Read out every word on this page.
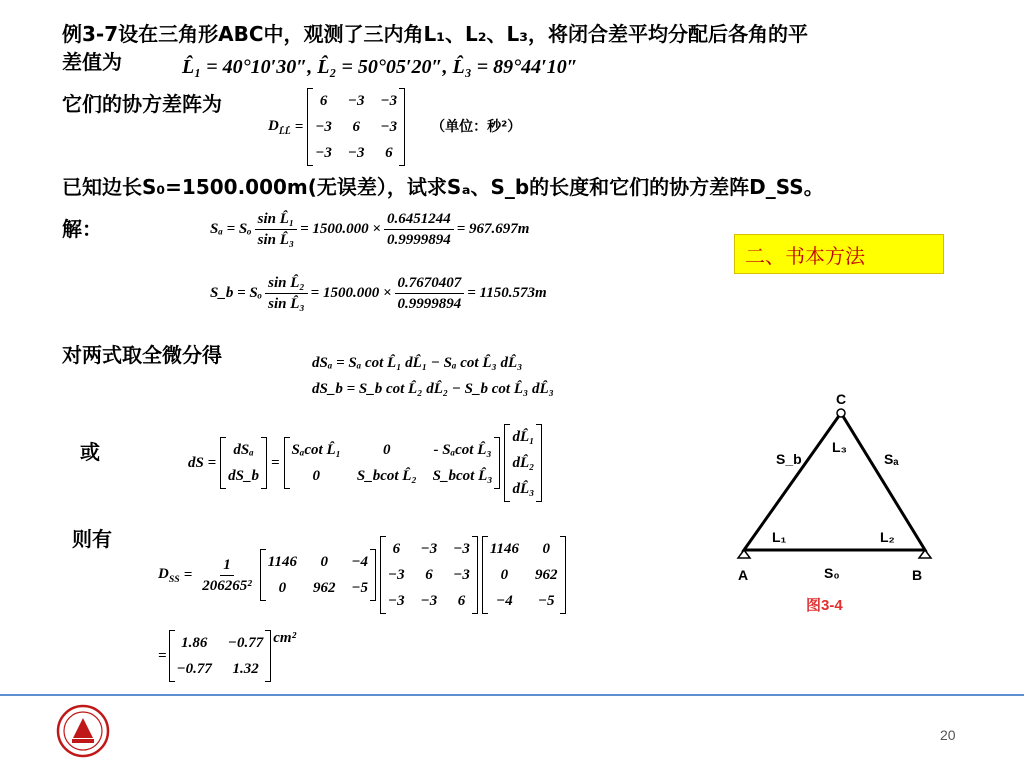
例3-7设在三角形ABC中，观测了三内角L₁、L₂、L₃，将闭合差平均分配后各角的平
差值为	L̂₁ = 40°10′30″, L̂₂ = 50°05′20″, L̂₃ = 89°44′10″
它们的协方差阵为
$D_{L̂L̂}$ =
6	−3	−3
−3	6	−3
−3	−3	6
（单位：秒²）
已知边长S₀=1500.000m(无误差），试求Sₐ、S_b的长度和它们的协方差阵D_SS。
解：	Sₐ = Sₒ $\frac{\text{sin L̂₁}}{\text{sin L̂₃}} = 1500.000 \times \frac{0.6451244}{0.9999894} = 967.697m$
S_b = Sₒ $\frac{\text{sin L̂₂}}{\text{sin L̂₃}} = 1500.000 \times \frac{0.7670407}{0.9999894} = 1150.573m$
二、书本方法
对两式取全微分得	dSₐ = Sₐ cot L̂₁ dL̂₁ − Sₐ cot L̂₃ dL̂₃
dS_b = S_b cot L̂₂ dL̂₂ − S_b cot L̂₃ dL̂₃
或	dS =
dSₐ
dS_b
=
Sₐcot L̂₁	0	- Sₐcot L̂₃
0	S_bcot L̂₂	S_bcot L̂₃
dL̂₁
dL̂₂
dL̂₃
则有
$D_{SS} = \frac{1}{\text{206265²}} 1146$	0	−4
0	962	−5
6	−3	−3
−3	6	−3
−3	−3	6
1146	0
0	962
−4	−5
=
1.86	−0.77
−0.77	1.32
cm²
C
A	B
L₃
L₁	L₂
S_b	Sₐ
S₀
图3-4
20
